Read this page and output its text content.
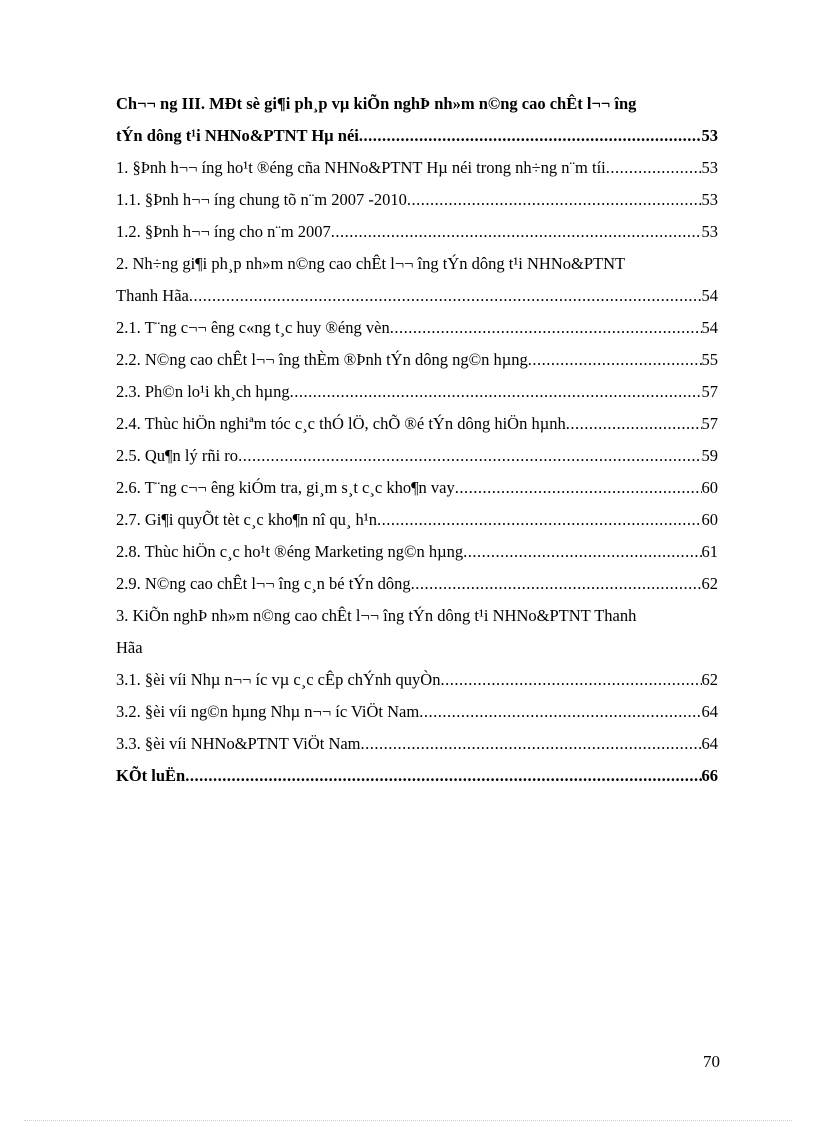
Ch¬¬ ng III. MÐt sè gi¶i ph¸p vµ kiÕn nghÞ nh»m n©ng cao chÊt l¬¬ îng
tÝn dông t¹i NHNo&PTNT Hµ néi .....	53
1. §Þnh h¬¬ íng ho¹t ®éng cña NHNo&PTNT Hµ néi trong nh÷ng n¨m tíi .....	53
1.1. §Þnh h¬¬ íng chung tõ n¨m 2007 -2010 .....	53
1.2. §Þnh h¬¬ íng cho n¨m 2007 .....	53
2. Nh÷ng gi¶i ph¸p nh»m n©ng cao chÊt l¬¬ îng tÝn dông t¹i NHNo&PTNT
Thanh Hãa .....	54
2.1. T¨ng c¬¬ êng c«ng t¸c huy ®éng vèn .....	54
2.2. N©ng cao chÊt l¬¬ îng thÈm ®Þnh tÝn dông ng©n hµng .....	55
2.3. Ph©n lo¹i kh¸ch hµng .....	57
2.4. Thùc hiÖn nghiªm tóc c¸c thÓ lÖ, chÕ ®é tÝn dông hiÖn hµnh .....	57
2.5. Qu¶n lý rñi ro .....	59
2.6. T¨ng c¬¬ êng kiÓm tra, gi¸m s¸t c¸c kho¶n vay .....	60
2.7. Gi¶i quyÕt tèt c¸c kho¶n nî qu¸ h¹n .....	60
2.8. Thùc hiÖn c¸c ho¹t ®éng Marketing ng©n hµng .....	61
2.9. N©ng cao chÊt l¬¬ îng c¸n bé tÝn dông .....	62
3. KiÕn nghÞ nh»m n©ng cao chÊt l¬¬ îng tÝn dông t¹i NHNo&PTNT Thanh
Hãa
3.1. §èi víi Nhµ n¬¬ íc vµ c¸c cÊp chÝnh quyÒn .....	62
3.2. §èi víi ng©n hµng Nhµ n¬¬ íc ViÖt Nam .....	64
3.3. §èi víi NHNo&PTNT ViÖt Nam .....	64
KÕt luËn .....	66
70
